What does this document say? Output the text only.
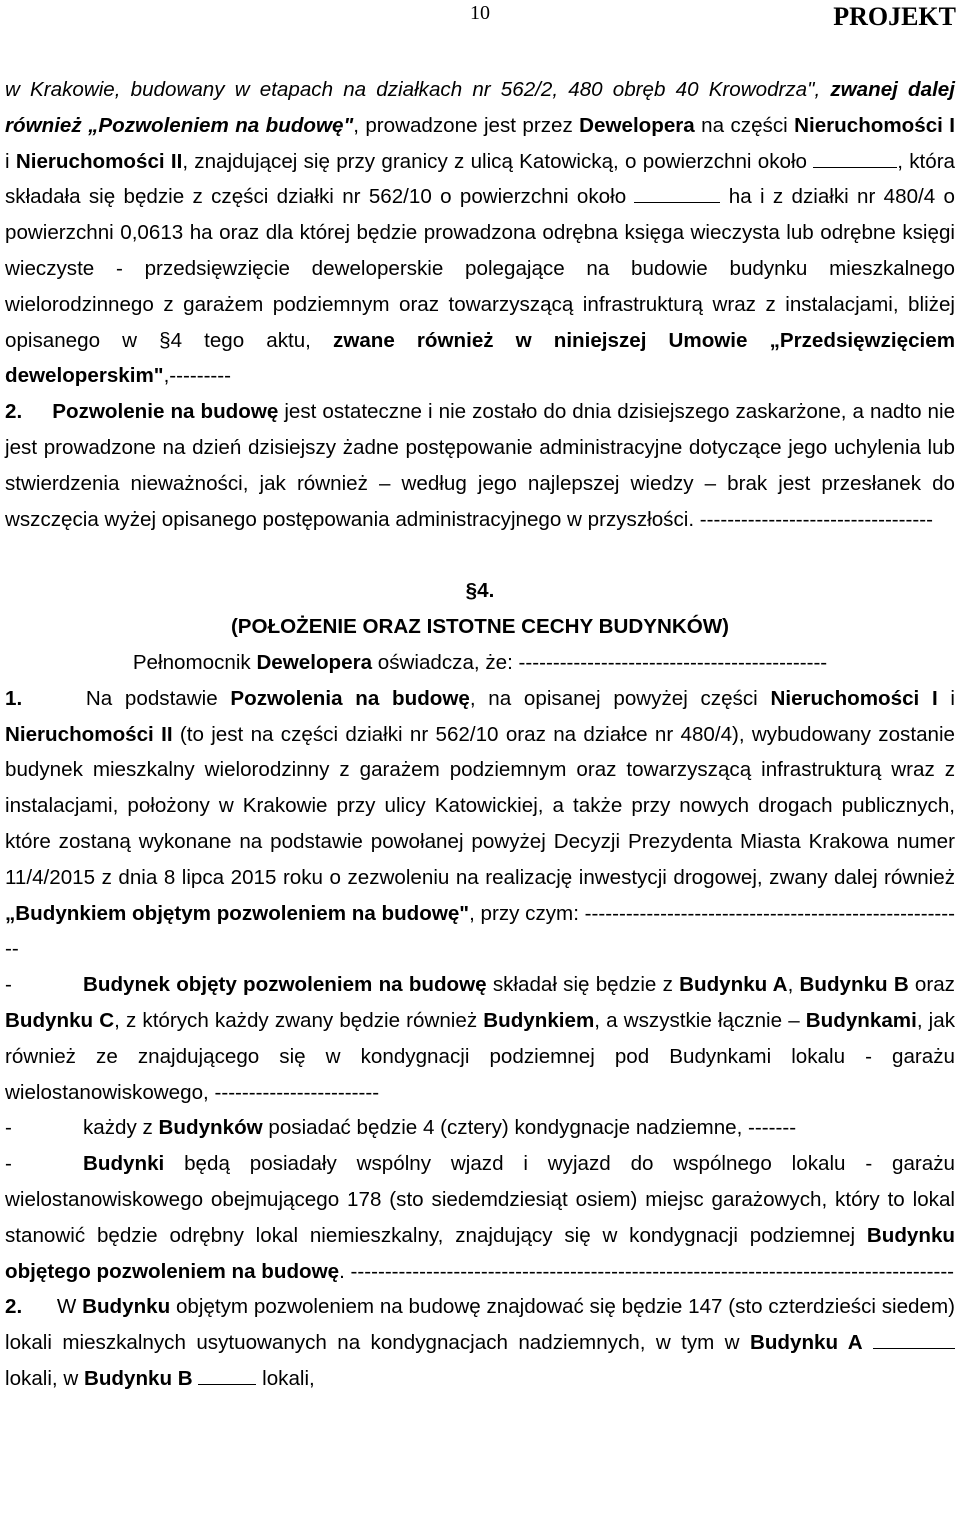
10	PROJEKT

w Krakowie, budowany w etapach na działkach nr 562/2, 480 obręb 40 Krowodrza", zwanej dalej również „Pozwoleniem na budowę", prowadzone jest przez Dewelopera na części Nieruchomości I i Nieruchomości II, znajdującej się przy granicy z ulicą Katowicką, o powierzchni około	, która składała się będzie z części działki nr 562/10 o powierzchni około	ha i z działki nr 480/4 o powierzchni 0,0613 ha oraz dla której będzie prowadzona odrębna księga wieczysta lub odrębne księgi wieczyste - przedsięwzięcie deweloperskie polegające na budowie budynku mieszkalnego wielorodzinnego z garażem podziemnym oraz towarzyszącą infrastrukturą wraz z instalacjami, bliżej opisanego w §4 tego aktu, zwane również w niniejszej Umowie „Przedsięwzięciem deweloperskim",---------

2. Pozwolenie na budowę jest ostateczne i nie zostało do dnia dzisiejszego zaskarżone, a nadto nie jest prowadzone na dzień dzisiejszy żadne postępowanie administracyjne dotyczące jego uchylenia lub stwierdzenia nieważności, jak również – według jego najlepszej wiedzy – brak jest przesłanek do wszczęcia wyżej opisanego postępowania administracyjnego w przyszłości. ----------------------------------

§4.

(POŁOŻENIE ORAZ ISTOTNE CECHY BUDYNKÓW)

Pełnomocnik Dewelopera oświadcza, że: ---------------------------------------------

1.     Na podstawie Pozwolenia na budowę, na opisanej powyżej części Nieruchomości I i Nieruchomości II (to jest na części działki nr 562/10 oraz na działce nr 480/4), wybudowany zostanie budynek mieszkalny wielorodzinny z garażem podziemnym oraz towarzyszącą infrastrukturą wraz z instalacjami, położony w Krakowie przy ulicy Katowickiej, a także przy nowych drogach publicznych, które zostaną wykonane na podstawie powołanej powyżej Decyzji Prezydenta Miasta Krakowa numer 11/4/2015 z dnia 8 lipca 2015 roku o zezwoleniu na realizację inwestycji drogowej, zwany dalej również „Budynkiem objętym pozwoleniem na budowę", przy czym: --------------------------------------------------------

-	Budynek objęty pozwoleniem na budowę składał się będzie z Budynku A, Budynku B oraz Budynku C, z których każdy zwany będzie również Budynkiem, a wszystkie łącznie – Budynkami, jak również ze znajdującego się w kondygnacji podziemnej pod Budynkami lokalu - garażu wielostanowiskowego, ------------------------

-	każdy z Budynków posiadać będzie 4 (cztery) kondygnacje nadziemne, -------

-	Budynki będą posiadały wspólny wjazd i wyjazd do wspólnego lokalu - garażu wielostanowiskowego obejmującego 178 (sto siedemdziesiąt osiem) miejsc garażowych, który to lokal stanowić będzie odrębny lokal niemieszkalny, znajdujący się w kondygnacji podziemnej Budynku objętego pozwoleniem na budowę. ----------------------------------------------------------------------------------------

2. W Budynku objętym pozwoleniem na budowę znajdować się będzie 147 (sto czterdzieści siedem) lokali mieszkalnych usytuowanych na kondygnacjach nadziemnych, w tym w Budynku A  lokali, w Budynku B	lokali,
